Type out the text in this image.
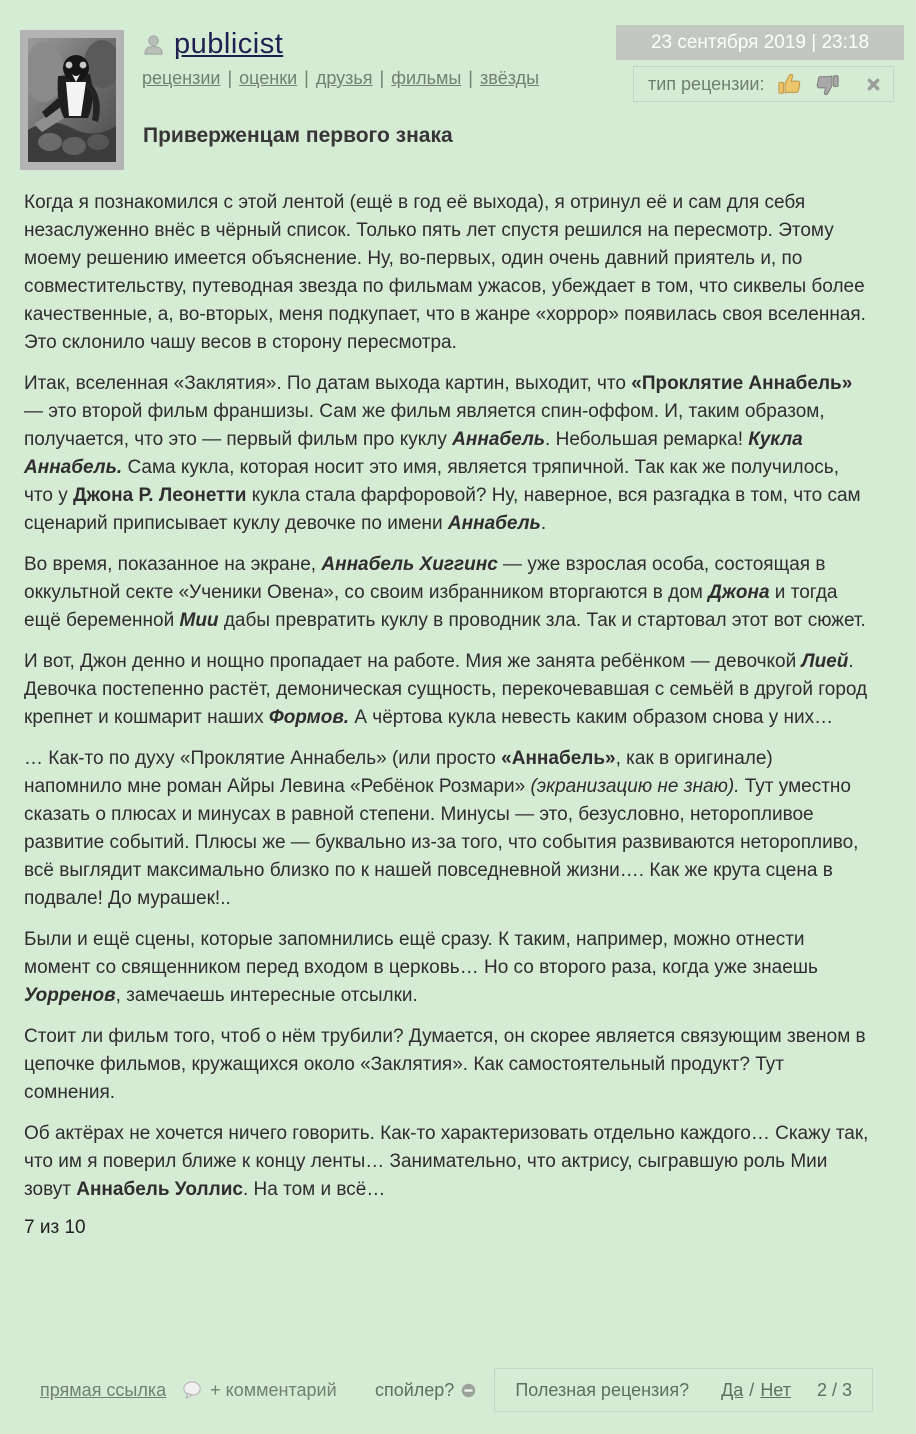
publicist
рецензии | оценки | друзья | фильмы | звёзды
23 сентября 2019 | 23:18
тип рецензии:
Приверженцам первого знака

Когда я познакомился с этой лентой (ещё в год её выхода), я отринул её и сам для себя незаслуженно внёс в чёрный список. Только пять лет спустя решился на пересмотр. Этому моему решению имеется объяснение. Ну, во-первых, один очень давний приятель и, по совместительству, путеводная звезда по фильмам ужасов, убеждает в том, что сиквелы более качественные, а, во-вторых, меня подкупает, что в жанре «хоррор» появилась своя вселенная. Это склонило чашу весов в сторону пересмотра.

Итак, вселенная «Заклятия». По датам выхода картин, выходит, что «Проклятие Аннабель» — это второй фильм франшизы. Сам же фильм является спин-оффом. И, таким образом, получается, что это — первый фильм про куклу Аннабель. Небольшая ремарка! Кукла Аннабель. Сама кукла, которая носит это имя, является тряпичной. Так как же получилось, что у Джона Р. Леонетти кукла стала фарфоровой? Ну, наверное, вся разгадка в том, что сам сценарий приписывает куклу девочке по имени Аннабель.

Во время, показанное на экране, Аннабель Хиггинс — уже взрослая особа, состоящая в оккультной секте «Ученики Овена», со своим избранником вторгаются в дом Джона и тогда ещё беременной Мии дабы превратить куклу в проводник зла. Так и стартовал этот вот сюжет.

И вот, Джон денно и нощно пропадает на работе. Мия же занята ребёнком — девочкой Лией. Девочка постепенно растёт, демоническая сущность, перекочевавшая с семьёй в другой город крепнет и кошмарит наших Формов. А чёртова кукла невесть каким образом снова у них…

… Как-то по духу «Проклятие Аннабель» (или просто «Аннабель», как в оригинале) напомнило мне роман Айры Левина «Ребёнок Розмари» (экранизацию не знаю). Тут уместно сказать о плюсах и минусах в равной степени. Минусы — это, безусловно, неторопливое развитие событий. Плюсы же — буквально из-за того, что события развиваются неторопливо, всё выглядит максимально близко по к нашей повседневной жизни…. Как же крута сцена в подвале! До мурашек!..

Были и ещё сцены, которые запомнились ещё сразу. К таким, например, можно отнести момент со священником перед входом в церковь… Но со второго раза, когда уже знаешь Уорренов, замечаешь интересные отсылки.

Стоит ли фильм того, чтоб о нём трубили? Думается, он скорее является связующим звеном в цепочке фильмов, кружащихся около «Заклятия». Как самостоятельный продукт? Тут сомнения.

Об актёрах не хочется ничего говорить. Как-то характеризовать отдельно каждого… Скажу так, что им я поверил ближе к концу ленты… Занимательно, что актрису, сыгравшую роль Мии зовут Аннабель Уоллис. На том и всё…

7 из 10
прямая ссылка + комментарий спойлер?	Полезная рецензия? Да / Нет 2 / 3
